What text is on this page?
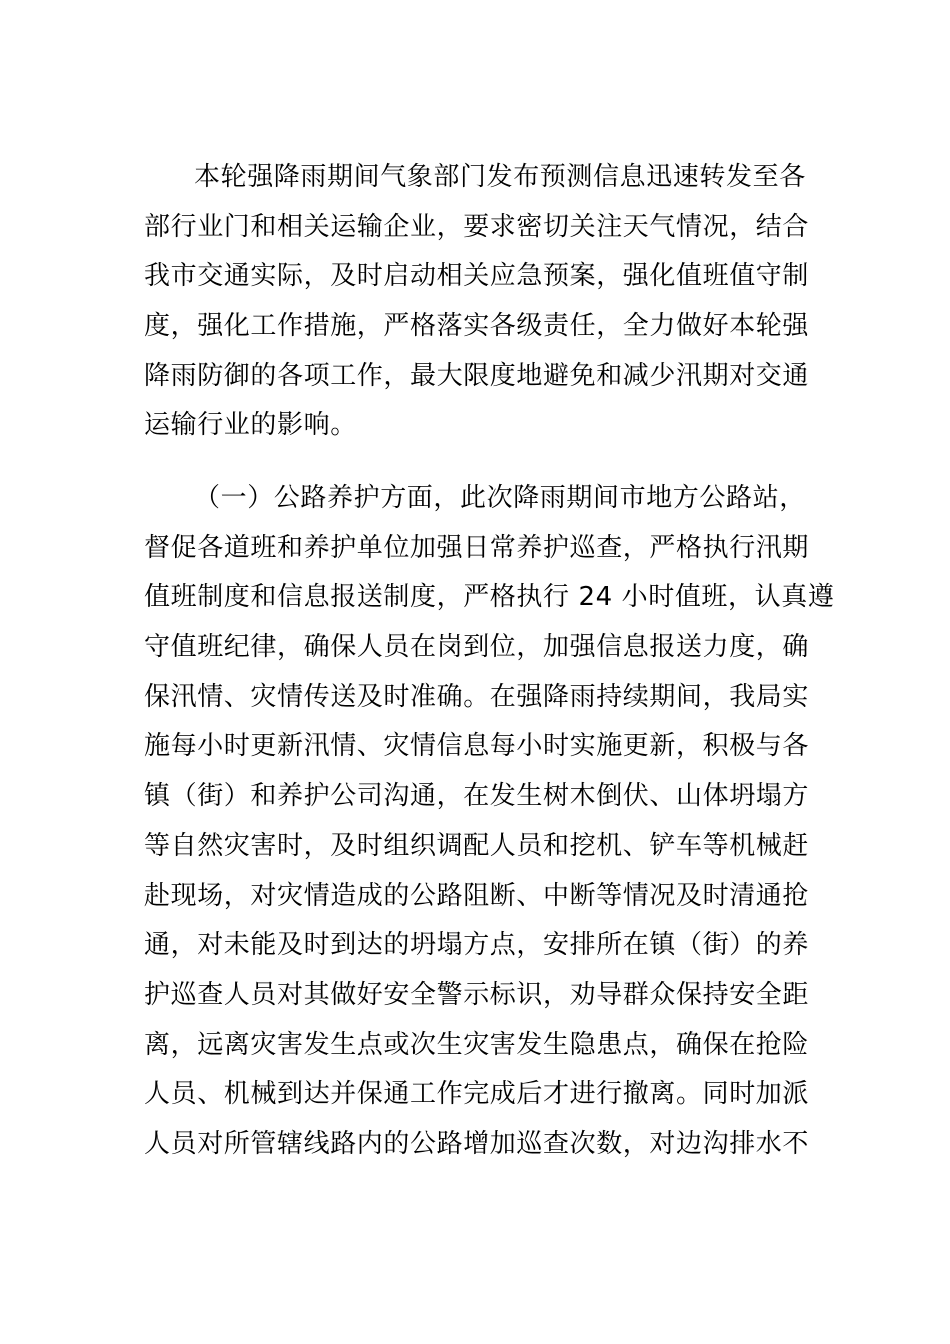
本轮强降雨期间气象部门发布预测信息迅速转发至各
部行业门和相关运输企业，要求密切关注天气情况，结合
我市交通实际，及时启动相关应急预案，强化值班值守制
度，强化工作措施，严格落实各级责任，全力做好本轮强
降雨防御的各项工作，最大限度地避免和减少汛期对交通
运输行业的影响。
（一）公路养护方面，此次降雨期间市地方公路站，
督促各道班和养护单位加强日常养护巡查，严格执行汛期
值班制度和信息报送制度，严格执行 24 小时值班，认真遵
守值班纪律，确保人员在岗到位，加强信息报送力度，确
保汛情、灾情传送及时准确。在强降雨持续期间，我局实
施每小时更新汛情、灾情信息每小时实施更新，积极与各
镇（街）和养护公司沟通，在发生树木倒伏、山体坍塌方
等自然灾害时，及时组织调配人员和挖机、铲车等机械赶
赴现场，对灾情造成的公路阻断、中断等情况及时清通抢
通，对未能及时到达的坍塌方点，安排所在镇（街）的养
护巡查人员对其做好安全警示标识，劝导群众保持安全距
离，远离灾害发生点或次生灾害发生隐患点，确保在抢险
人员、机械到达并保通工作完成后才进行撤离。同时加派
人员对所管辖线路内的公路增加巡查次数，对边沟排水不
